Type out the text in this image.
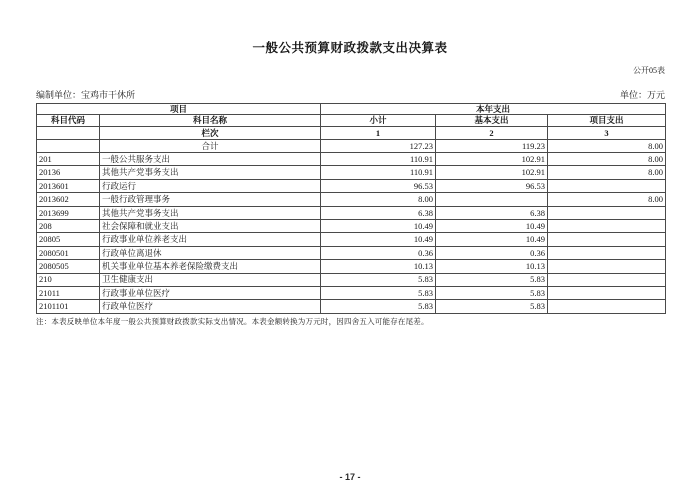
一般公共预算财政拨款支出决算表
公开05表
编制单位：宝鸡市干休所	单位：万元
项目		本年支出		
科目代码	科目名称	小计	基本支出	项目支出
	栏次	1	2	3
	合计	127.23	119.23	8.00
201	一般公共服务支出	110.91	102.91	8.00
20136	其他共产党事务支出	110.91	102.91	8.00
2013601	行政运行	96.53	96.53	
2013602	一般行政管理事务	8.00		8.00
2013699	其他共产党事务支出	6.38	6.38	
208	社会保障和就业支出	10.49	10.49	
20805	行政事业单位养老支出	10.49	10.49	
2080501	行政单位离退休	0.36	0.36	
2080505	机关事业单位基本养老保险缴费支出	10.13	10.13	
210	卫生健康支出	5.83	5.83	
21011	行政事业单位医疗	5.83	5.83	
2101101	行政单位医疗	5.83	5.83	
注：本表反映单位本年度一般公共预算财政拨款实际支出情况。本表金额转换为万元时，因四舍五入可能存在尾差。
- 17 -
